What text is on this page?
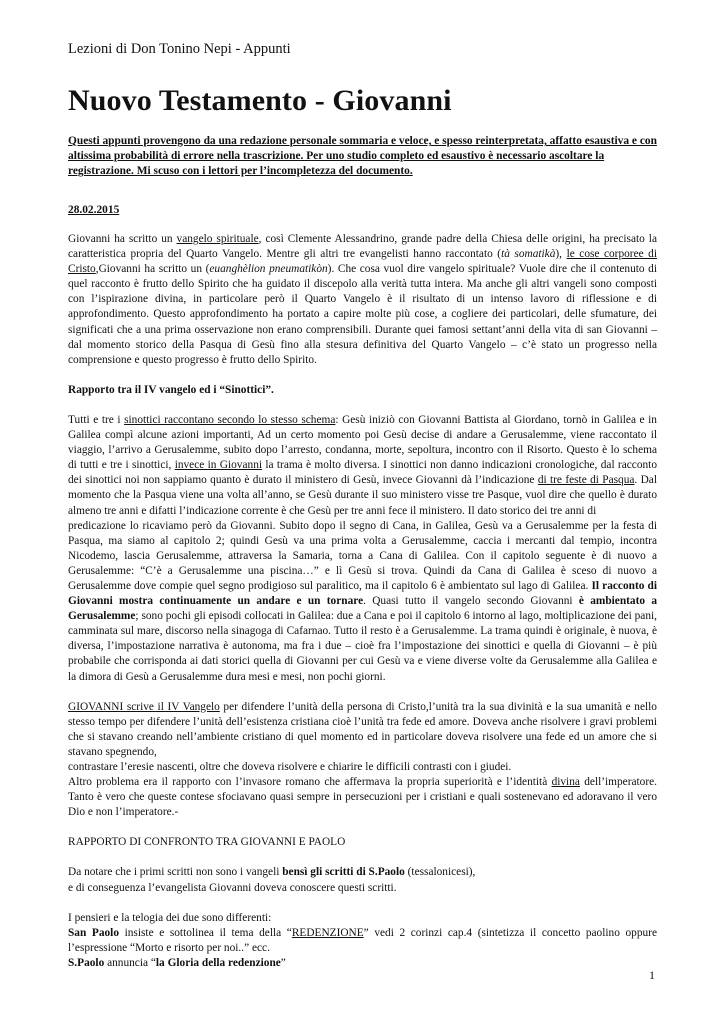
Lezioni di Don Tonino Nepi - Appunti
Nuovo Testamento - Giovanni

Questi appunti provengono da una redazione personale sommaria e veloce, e spesso reinterpretata, affatto esaustiva e con altissima probabilità di errore nella trascrizione. Per uno studio completo ed esaustivo è necessario ascoltare la registrazione. Mi scuso con i lettori per l’incompletezza del documento.

28.02.2015

Giovanni ha scritto un vangelo spirituale, così Clemente Alessandrino, grande padre della Chiesa delle origini, ha precisato la caratteristica propria del Quarto Vangelo. Mentre gli altri tre evangelisti hanno raccontato (tà somatikà), le cose corporee di Cristo,Giovanni ha scritto un (euanghèlion pneumatikòn). Che cosa vuol dire vangelo spirituale? Vuole dire che il contenuto di quel racconto è frutto dello Spirito che ha guidato il discepolo alla verità tutta intera. Ma anche gli altri vangeli sono composti con l’ispirazione divina, in particolare però il Quarto Vangelo è il risultato di un intenso lavoro di riflessione e di approfondimento. Questo approfondimento ha portato a capire molte più cose, a cogliere dei particolari, delle sfumature, dei significati che a una prima osservazione non erano comprensibili. Durante quei famosi settant’anni della vita di san Giovanni – dal momento storico della Pasqua di Gesù fino alla stesura definitiva del Quarto Vangelo – c’è stato un progresso nella comprensione e questo progresso è frutto dello Spirito.

Rapporto tra il IV vangelo ed i “Sinottici”.

Tutti e tre i sinottici raccontano secondo lo stesso schema: Gesù iniziò con Giovanni Battista al Giordano, tornò in Galilea e in Galilea compì alcune azioni importanti, Ad un certo momento poi Gesù decise di andare a Gerusalemme, viene raccontato il viaggio, l’arrivo a Gerusalemme, subito dopo l’arresto, condanna, morte, sepoltura, incontro con il Risorto. Questo è lo schema di tutti e tre i sinottici, invece in Giovanni la trama è molto diversa. I sinottici non danno indicazioni cronologiche, dal racconto dei sinottici noi non sappiamo quanto è durato il ministero di Gesù, invece Giovanni dà l’indicazione di tre feste di Pasqua. Dal momento che la Pasqua viene una volta all’anno, se Gesù durante il suo ministero visse tre Pasque, vuol dire che quello è durato almeno tre anni e difatti l’indicazione corrente è che Gesù per tre anni fece il ministero. Il dato storico dei tre anni di

predicazione lo ricaviamo però da Giovanni. Subito dopo il segno di Cana, in Galilea, Gesù va a Gerusalemme per la festa di Pasqua, ma siamo al capitolo 2; quindi Gesù va una prima volta a Gerusalemme, caccia i mercanti dal tempio, incontra Nicodemo, lascia Gerusalemme, attraversa la Samaria, torna a Cana di Galilea. Con il capitolo seguente è di nuovo a Gerusalemme: “C’è a Gerusalemme una piscina…” e lì Gesù si trova. Quindi da Cana di Galilea è sceso di nuovo a Gerusalemme dove compie quel segno prodigioso sul paralitico, ma il capitolo 6 è ambientato sul lago di Galilea. Il racconto di Giovanni mostra continuamente un andare e un tornare. Quasi tutto il vangelo secondo Giovanni è ambientato a Gerusalemme; sono pochi gli episodi collocati in Galilea: due a Cana e poi il capitolo 6 intorno al lago, moltiplicazione dei pani, camminata sul mare, discorso nella sinagoga di Cafarnao. Tutto il resto è a Gerusalemme. La trama quindi è originale, è nuova, è diversa, l’impostazione narrativa è autonoma, ma fra i due – cioè fra l’impostazione dei sinottici e quella di Giovanni – è più probabile che corrisponda ai dati storici quella di Giovanni per cui Gesù va e viene diverse volte da Gerusalemme alla Galilea e la dimora di Gesù a Gerusalemme dura mesi e mesi, non pochi giorni.

GIOVANNI scrive il IV Vangelo per difendere l’unità della persona di Cristo,l’unità tra la sua divinità e la sua umanità e nello stesso tempo per difendere l’unità dell’esistenza cristiana cioè l’unità tra fede ed amore. Doveva anche risolvere i gravi problemi che si stavano creando nell’ambiente cristiano di quel momento ed in particolare doveva risolvere una fede ed un amore che si stavano spegnendo,
contrastare l’eresie nascenti, oltre che doveva risolvere e chiarire le difficili contrasti con i giudei.
Altro problema era il rapporto con l’invasore romano che affermava la propria superiorità e l’identità divina dell’imperatore. Tanto è vero che queste contese sfociavano quasi sempre in persecuzioni per i cristiani e quali sostenevano ed adoravano il vero Dio e non l’imperatore.-

RAPPORTO DI CONFRONTO TRA GIOVANNI E PAOLO

Da notare che i primi scritti non sono i vangeli bensì gli scritti di S.Paolo (tessalonicesi),
e di conseguenza l’evangelista Giovanni doveva conoscere questi scritti.

I pensieri e la telogia dei due sono differenti:
San Paolo insiste e sottolinea il tema della “REDENZIONE” vedi 2 corinzi cap.4 (sintetizza il concetto paolino oppure l’espressione “Morto e risorto per noi..” ecc.
S.Paolo annuncia “la Gloria della redenzione”

1
